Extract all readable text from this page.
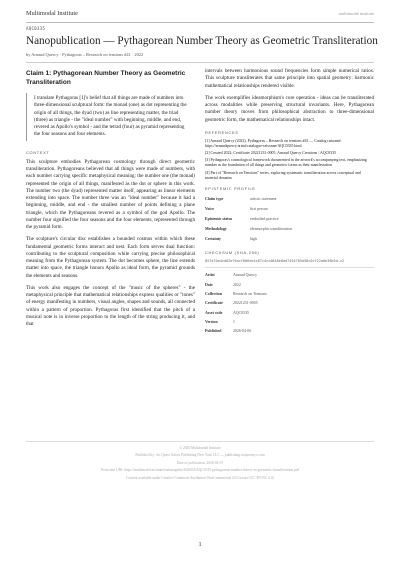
Multimodal Institute	multimodal institute
AQC0335
Nanopublication — Pythagorean Number Theory as Geometric Transliteration
by Arnaud Quercy · Pythagoras – Research on tensions #41 · 2022
Claim 1: Pythagorean Number Theory as Geometric Transliteration
I translate Pythagoras [1]'s belief that all things are made of numbers into three-dimensional sculptural form: the monad (one) as dot representing the origin of all things, the dyad (two) as line representing matter, the triad (three) as triangle - the "ideal number" with beginning, middle, and end, revered as Apollo's symbol - and the tetrad (four) as pyramid representing the four seasons and four elements.
CONTEXT

This sculpture embodies Pythagorean cosmology through direct geometric transliteration. Pythagoreans believed that all things were made of numbers, with each number carrying specific metaphysical meaning: the number one (the monad) represented the origin of all things, manifested as the dot or sphere in this work. The number two (the dyad) represented matter itself, appearing as linear elements extending into space. The number three was an "ideal number" because it had a beginning, middle, and end - the smallest number of points defining a plane triangle, which the Pythagoreans revered as a symbol of the god Apollo. The number four signified the four seasons and the four elements, represented through the pyramid form.

The sculpture's circular disc establishes a bounded cosmos within which these fundamental geometric forms interact and nest. Each form serves dual function: contributing to the sculptural composition while carrying precise philosophical meaning from the Pythagorean system. The dot becomes sphere, the line extends matter into space, the triangle honors Apollo as ideal form, the pyramid grounds the elements and seasons.

This work also engages the concept of the "music of the spheres" - the metaphysical principle that mathematical relationships express qualities or "tones" of energy manifesting in numbers, visual angles, shapes and sounds, all connected within a pattern of proportion. Pythagoras first identified that the pitch of a musical note is in inverse proportion to the length of the string producing it, and that

intervals between harmonious sound frequencies form simple numerical ratios. This sculpture transliterates that same principle into spatial geometry: harmonic mathematical relationships rendered visible.

The work exemplifies ideamorphism's core operation - ideas can be transliterated across modalities while preserving structural invariants. Here, Pythagorean number theory moves from philosophical abstraction to three-dimensional geometric form, the mathematical relationships intact.

REFERENCES
[1] Arnaud Quercy (2022). Pythagoras – Research on tensions #41 — Catalog raisonné. https://arnaudquercy.artmi/catalogue-raisonne/AQC0335.html
[2] Created 2022; Certificate 20221231-0005, Arnaud Quercy Creations / AQC0335
[3] Pythagoras's cosmological framework documented in the artwork's accompanying text, emphasizing number as the foundation of all things and geometric forms as their manifestation
[4] Part of "Research on Tensions" series, exploring systematic transliteration across conceptual and material domains
EPISTEMIC PROFILE
Claim type	artistic statement
Voice	first person
Epistemic status	embodied practice
Methodology	ideamorphic transliteration
Certainty	high
CHECKSUM (SHA-256)
857e70a4cd62b76acf806eb4c87c4cc0848e0ad7494705d58c0cf22a6b36b5d-c2
Artist	Arnaud Quercy
Date	2022
Collection	Research on Tensions
Certificate	20221231-0005
Asset code	AQC0335
Version	1
Published	2026-04-06
© 2026 Multimodal Institute
Published by: Art Quest Artists Publishing New York LLC — publishing.artquestnyc.com
Date of publication: 2026-04-07
Persistent URI: https://multimodal.institute/en/nanopubs/2026/02/AQC0335-pythagorean-number-theory-as-geometric-transliteration.pdf
Content available under Creative Commons Attribution-NonCommercial 4.0 Licence (CC BY-NC 4.0)
1
